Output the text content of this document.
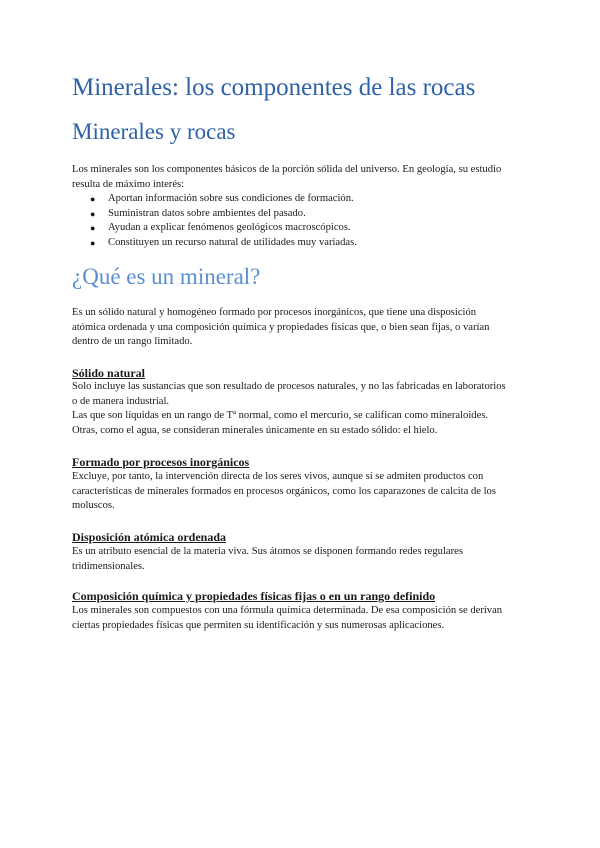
Minerales: los componentes de las rocas
Minerales y rocas

Los minerales son los componentes básicos de la porción sólida del universo. En geología, su estudio
resulta de máximo interés:

● Aportan información sobre sus condiciones de formación.
● Suministran datos sobre ambientes del pasado.
● Ayudan a explicar fenómenos geológicos macroscópicos.
● Constituyen un recurso natural de utilidades muy variadas.
¿Qué es un mineral?

Es un sólido natural y homogéneo formado por procesos inorgánicos, que tiene una disposición
atómica ordenada y una composición química y propiedades físicas que, o bien sean fijas, o varían
dentro de un rango limitado.

Sólido natural

Solo incluye las sustancias que son resultado de procesos naturales, y no las fabricadas en laboratorios
o de manera industrial.
Las que son líquidas en un rango de Tª normal, como el mercurio, se califican como mineraloides.
Otras, como el agua, se consideran minerales únicamente en su estado sólido: el hielo.

Formado por procesos inorgánicos

Excluye, por tanto, la intervención directa de los seres vivos, aunque sí se admiten productos con
características de minerales formados en procesos orgánicos, como los caparazones de calcita de los
moluscos.

Disposición atómica ordenada

Es un atributo esencial de la materia viva. Sus átomos se disponen formando redes regulares
tridimensionales.

Composición química y propiedades físicas fijas o en un rango definido

Los minerales son compuestos con una fórmula química determinada. De esa composición se derivan
ciertas propiedades físicas que permiten su identificación y sus numerosas aplicaciones.
